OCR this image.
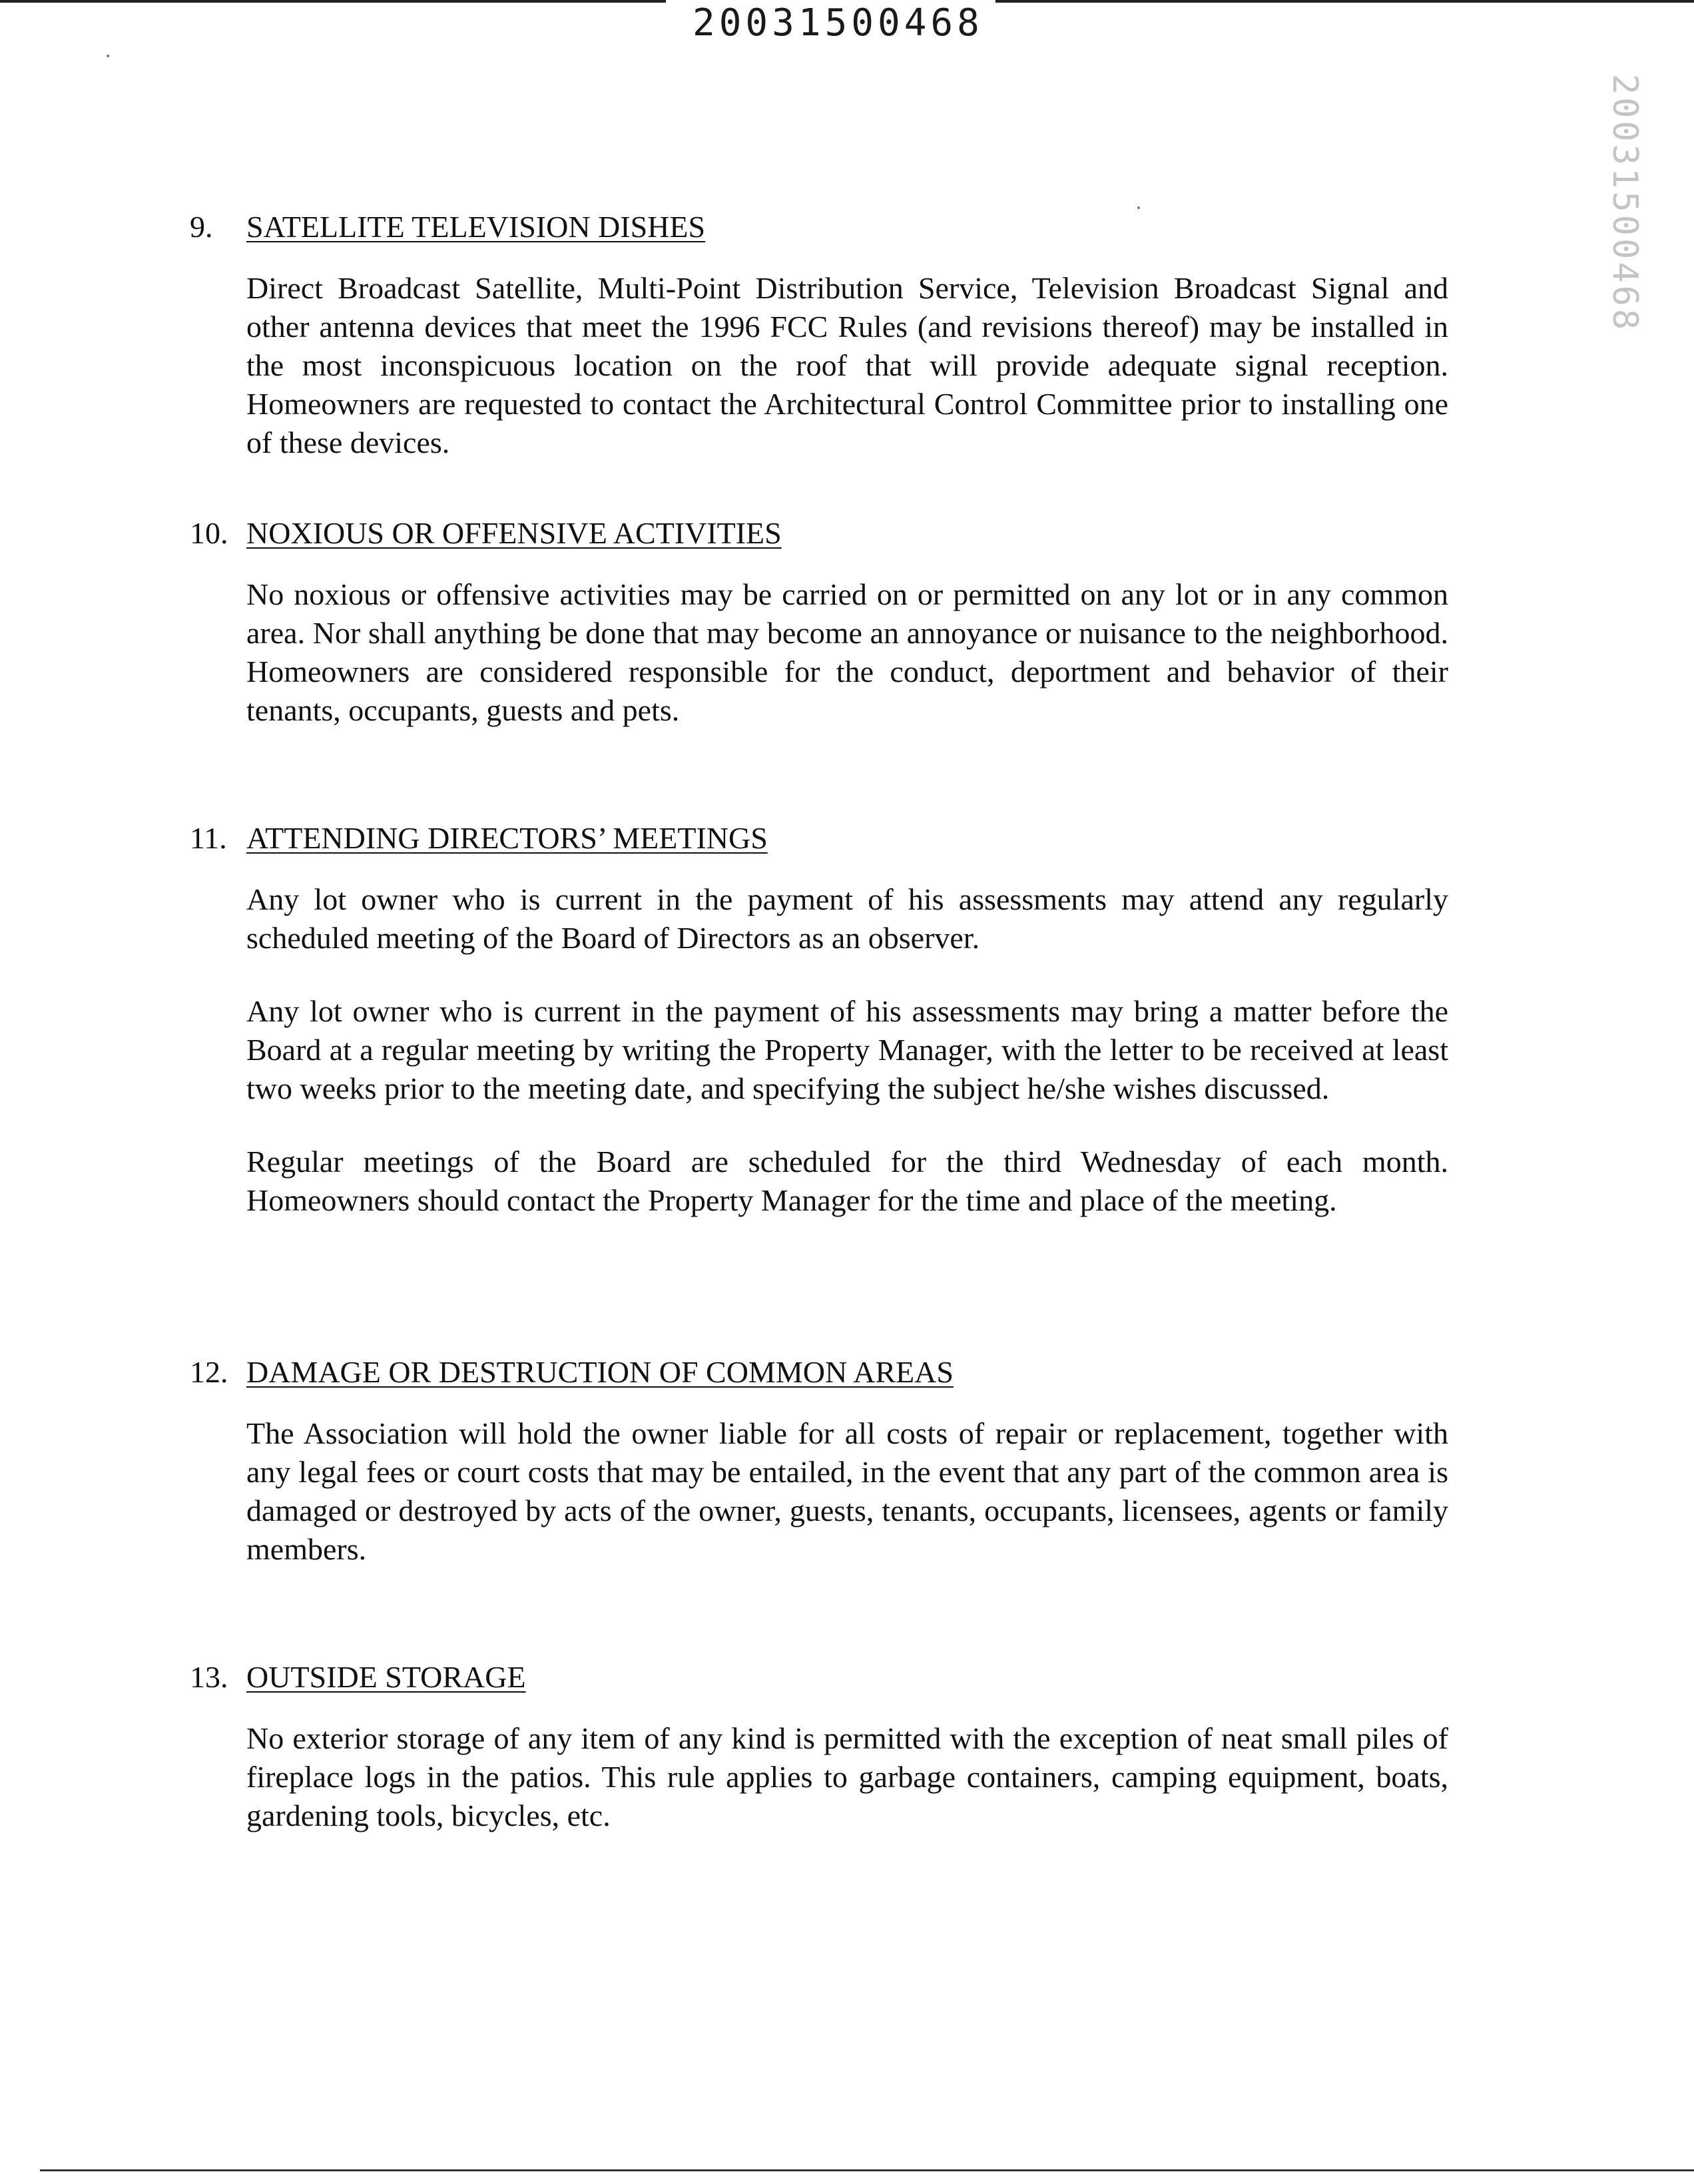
20031500468
20031500468
9.	SATELLITE TELEVISION DISHES

Direct Broadcast Satellite, Multi-Point Distribution Service, Television Broadcast Signal and other antenna devices that meet the 1996 FCC Rules (and revisions thereof) may be installed in the most inconspicuous location on the roof that will provide adequate signal reception. Homeowners are requested to contact the Architectural Control Committee prior to installing one of these devices.

10. NOXIOUS OR OFFENSIVE ACTIVITIES

No noxious or offensive activities may be carried on or permitted on any lot or in any common area. Nor shall anything be done that may become an annoyance or nuisance to the neighborhood. Homeowners are considered responsible for the conduct, deportment and behavior of their tenants, occupants, guests and pets.

11. ATTENDING DIRECTORS’ MEETINGS

Any lot owner who is current in the payment of his assessments may attend any regularly scheduled meeting of the Board of Directors as an observer.

Any lot owner who is current in the payment of his assessments may bring a matter before the Board at a regular meeting by writing the Property Manager, with the letter to be received at least two weeks prior to the meeting date, and specifying the subject he/she wishes discussed.

Regular meetings of the Board are scheduled for the third Wednesday of each month. Homeowners should contact the Property Manager for the time and place of the meeting.

12. DAMAGE OR DESTRUCTION OF COMMON AREAS

The Association will hold the owner liable for all costs of repair or replacement, together with any legal fees or court costs that may be entailed, in the event that any part of the common area is damaged or destroyed by acts of the owner, guests, tenants, occupants, licensees, agents or family members.

13. OUTSIDE STORAGE

No exterior storage of any item of any kind is permitted with the exception of neat small piles of fireplace logs in the patios. This rule applies to garbage containers, camping equipment, boats, gardening tools, bicycles, etc.
